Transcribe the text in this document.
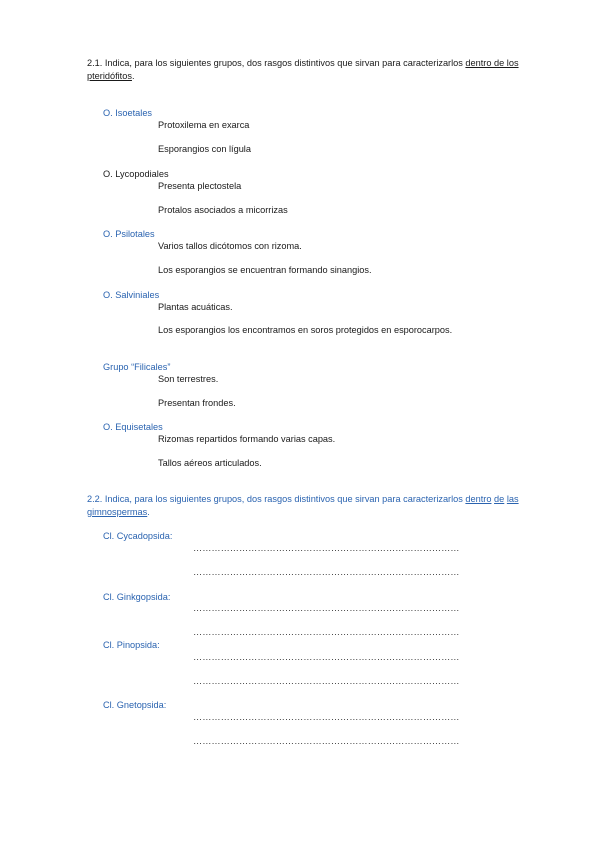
2.1. Indica, para los siguientes grupos, dos rasgos distintivos que sirvan para caracterizarlos dentro de los
pteridófitos.
O. Isoetales
Protoxilema en exarca
Esporangios con lígula
O. Lycopodiales
Presenta plectostela
Protalos asociados a micorrizas
O. Psilotales
Varios tallos dicótomos con rizoma.
Los esporangios se encuentran formando sinangios.
O. Salviniales
Plantas acuáticas.
Los esporangios los encontramos en soros protegidos en esporocarpos.
Grupo “Filicales”
Son terrestres.
Presentan frondes.
O. Equisetales
Rizomas repartidos formando varias capas.
Tallos aéreos articulados.
2.2. Indica, para los siguientes grupos, dos rasgos distintivos que sirvan para caracterizarlos dentro de las
gimnospermas.
Cl. Cycadopsida:
……………………………………………………………………………
……………………………………………………………………………
Cl. Ginkgopsida:
……………………………………………………………………………
……………………………………………………………………………
Cl. Pinopsida:
……………………………………………………………………………
……………………………………………………………………………
Cl. Gnetopsida:
……………………………………………………………………………
……………………………………………………………………………
